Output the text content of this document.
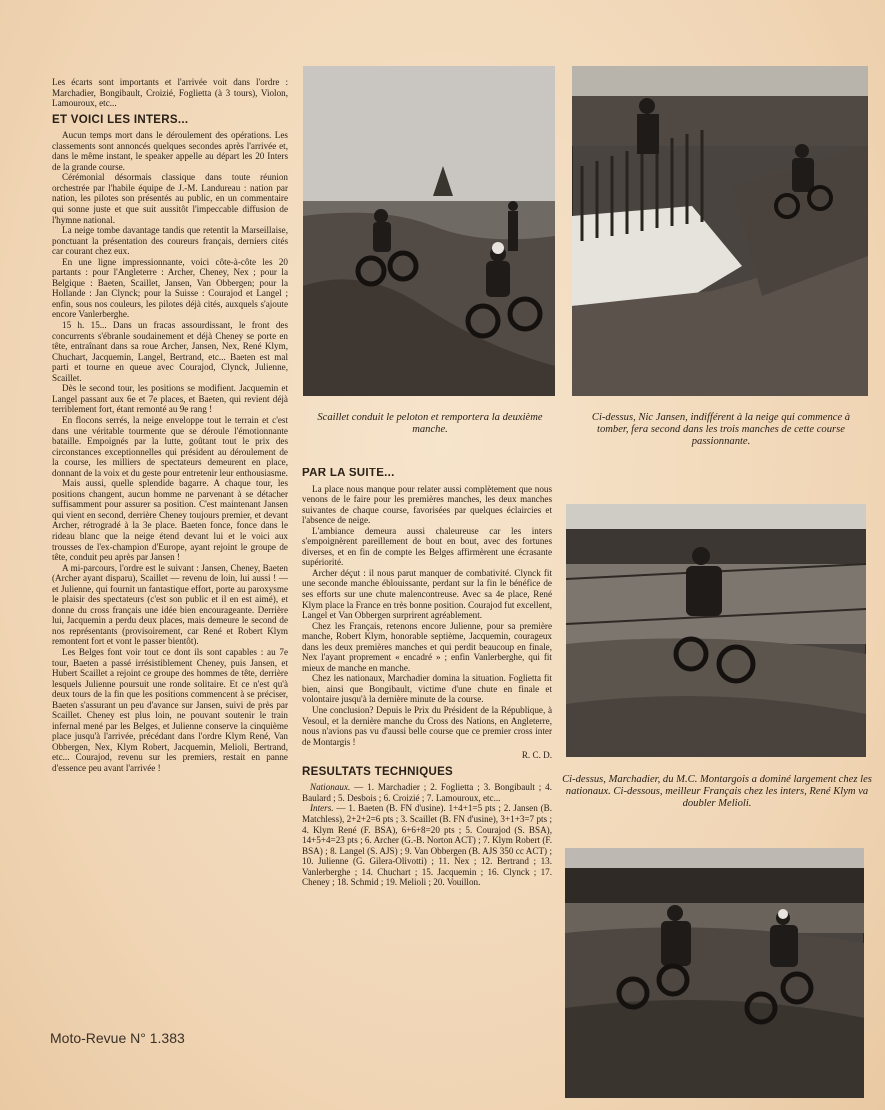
Les écarts sont importants et l'arrivée voit dans l'ordre : Marchadier, Bongibault, Croizié, Foglietta (à 3 tours), Violon, Lamouroux, etc...

ET VOICI LES INTERS...

Aucun temps mort dans le déroulement des opérations. Les classements sont annoncés quelques secondes après l'arrivée et, dans le même instant, le speaker appelle au départ les 20 Inters de la grande course.

Cérémonial désormais classique dans toute réunion orchestrée par l'habile équipe de J.-M. Landureau : nation par nation, les pilotes son présentés au public, en un commentaire qui sonne juste et que suit aussitôt l'impeccable diffusion de l'hymne national.

La neige tombe davantage tandis que retentit la Marseillaise, ponctuant la présentation des coureurs français, derniers cités car courant chez eux.

En une ligne impressionnante, voici côte-à-côte les 20 partants : pour l'Angleterre : Archer, Cheney, Nex ; pour la Belgique : Baeten, Scaillet, Jansen, Van Obbergen; pour la Hollande : Jan Clynck; pour la Suisse : Courajod et Langel ; enfin, sous nos couleurs, les pilotes déjà cités, auxquels s'ajoute encore Vanlerberghe.

15 h. 15... Dans un fracas assourdissant, le front des concurrents s'ébranle soudainement et déjà Cheney se porte en tête, entraînant dans sa roue Archer, Jansen, Nex, René Klym, Chuchart, Jacquemin, Langel, Bertrand, etc... Baeten est mal parti et tourne en queue avec Courajod, Clynck, Julienne, Scaillet.

Dès le second tour, les positions se modifient. Jacquemin et Langel passant aux 6e et 7e places, et Baeten, qui revient déjà terriblement fort, étant remonté au 9e rang !

En flocons serrés, la neige enveloppe tout le terrain et c'est dans une véritable tourmente que se déroule l'émotionnante bataille. Empoignés par la lutte, goûtant tout le prix des circonstances exceptionnelles qui président au déroulement de la course, les milliers de spectateurs demeurent en place, donnant de la voix et du geste pour entretenir leur enthousiasme.

Mais aussi, quelle splendide bagarre. A chaque tour, les positions changent, aucun homme ne parvenant à se détacher suffisamment pour assurer sa position. C'est maintenant Jansen qui vient en second, derrière Cheney toujours premier, et devant Archer, rétrogradé à la 3e place. Baeten fonce, fonce dans le rideau blanc que la neige étend devant lui et le voici aux trousses de l'ex-champion d'Europe, ayant rejoint le groupe de tête, conduit peu après par Jansen !

A mi-parcours, l'ordre est le suivant : Jansen, Cheney, Baeten (Archer ayant disparu), Scaillet — revenu de loin, lui aussi ! — et Julienne, qui fournit un fantastique effort, porte au paroxysme le plaisir des spectateurs (c'est son public et il en est aimé), et donne du cross français une idée bien encourageante. Derrière lui, Jacquemin a perdu deux places, mais demeure le second de nos représentants (provisoirement, car René et Robert Klym remontent fort et vont le passer bientôt).

Les Belges font voir tout ce dont ils sont capables : au 7e tour, Baeten a passé irrésistiblement Cheney, puis Jansen, et Hubert Scaillet a rejoint ce groupe des hommes de tête, derrière lesquels Julienne poursuit une ronde solitaire. Et ce n'est qu'à deux tours de la fin que les positions commencent à se préciser, Baeten s'assurant un peu d'avance sur Jansen, suivi de près par Scaillet. Cheney est plus loin, ne pouvant soutenir le train infernal mené par les Belges, et Julienne conserve la cinquième place jusqu'à l'arrivée, précédant dans l'ordre Klym René, Van Obbergen, Nex, Klym Robert, Jacquemin, Melioli, Bertrand, etc... Courajod, revenu sur les premiers, restait en panne d'essence peu avant l'arrivée !

Scaillet conduit le peloton et remportera la deuxième manche.
Ci-dessus, Nic Jansen, indifférent à la neige qui commence à tomber, fera second dans les trois manches de cette course passionnante.
PAR LA SUITE...

La place nous manque pour relater aussi complètement que nous venons de le faire pour les premières manches, les deux manches suivantes de chaque course, favorisées par quelques éclaircies et l'absence de neige.

L'ambiance demeura aussi chaleureuse car les inters s'empoignèrent pareillement de bout en bout, avec des fortunes diverses, et en fin de compte les Belges affirmèrent une écrasante supériorité.

Archer déçut : il nous parut manquer de combativité. Clynck fit une seconde manche éblouissante, perdant sur la fin le bénéfice de ses efforts sur une chute malencontreuse. Avec sa 4e place, René Klym place la France en très bonne position. Courajod fut excellent, Langel et Van Obbergen surprirent agréablement.

Chez les Français, retenons encore Julienne, pour sa première manche, Robert Klym, honorable septième, Jacquemin, courageux dans les deux premières manches et qui perdit beaucoup en finale, Nex l'ayant proprement « encadré » ; enfin Vanlerberghe, qui fit mieux de manche en manche.

Chez les nationaux, Marchadier domina la situation. Foglietta fit bien, ainsi que Bongibault, victime d'une chute en finale et volontaire jusqu'à la dernière minute de la course.

Une conclusion? Depuis le Prix du Président de la République, à Vesoul, et la dernière manche du Cross des Nations, en Angleterre, nous n'avions pas vu d'aussi belle course que ce premier cross inter de Montargis !

R. C. D.
RESULTATS TECHNIQUES

Nationaux. — 1. Marchadier ; 2. Foglietta ; 3. Bongibault ; 4. Baulard ; 5. Desbois ; 6. Croizié ; 7. Lamouroux, etc...

Inters. — 1. Baeten (B. FN d'usine). 1+4+1=5 pts ; 2. Jansen (B. Matchless), 2+2+2=6 pts ; 3. Scaillet (B. FN d'usine), 3+1+3=7 pts ; 4. Klym René (F. BSA), 6+6+8=20 pts ; 5. Courajod (S. BSA), 14+5+4=23 pts ; 6. Archer (G.-B. Norton ACT) ; 7. Klym Robert (F. BSA) ; 8. Langel (S. AJS) ; 9. Van Obbergen (B. AJS 350 cc ACT) ; 10. Julienne (G. Gilera-Olivotti) ; 11. Nex ; 12. Bertrand ; 13. Vanlerberghe ; 14. Chuchart ; 15. Jacquemin ; 16. Clynck ; 17. Cheney ; 18. Schmid ; 19. Melioli ; 20. Vouillon.

Ci-dessus, Marchadier, du M.C. Montargois a dominé largement chez les nationaux. Ci-dessous, meilleur Français chez les inters, René Klym va doubler Melioli.
Moto-Revue N° 1.383
